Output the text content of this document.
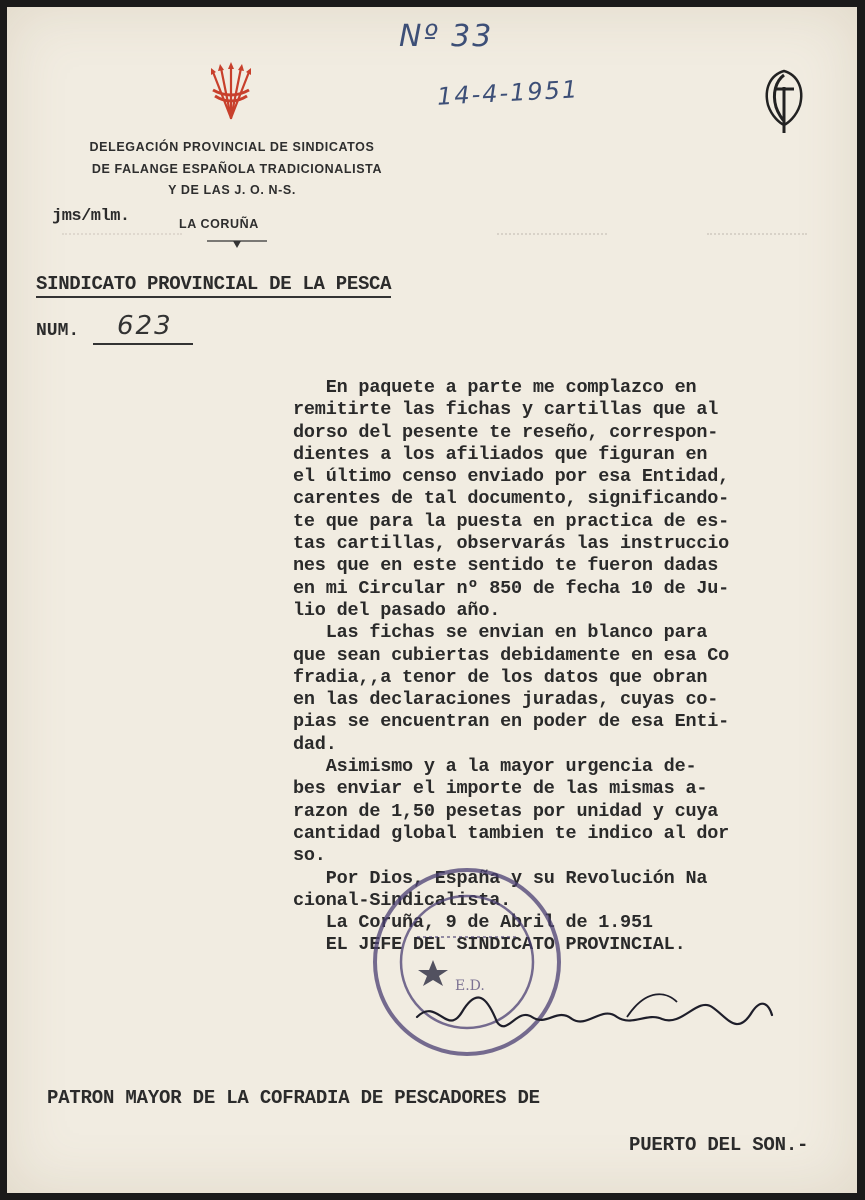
Nº 33
14-4-1951
DELEGACIÓN PROVINCIAL DE SINDICATOS
DE FALANGE ESPAÑOLA TRADICIONALISTA
Y DE LAS J. O. N-S.
LA CORUÑA
jms/mlm.
SINDICATO PROVINCIAL DE LA PESCA
NUM. 623
En paquete a parte me complazco en
remitirte las fichas y cartillas que al
dorso del pesente te reseño, correspon-
dientes a los afiliados que figuran en
el último censo enviado por esa Entidad,
carentes de tal documento, significando-
te que para la puesta en practica de es-
tas cartillas, observarás las instruccio
nes que en este sentido te fueron dadas
en mi Circular nº 850 de fecha 10 de Ju-
lio del pasado año.
Las fichas se envian en blanco para
que sean cubiertas debidamente en esa Co
fradia,,a tenor de los datos que obran
en las declaraciones juradas, cuyas co-
pias se encuentran en poder de esa Enti-
dad.
Asimismo y a la mayor urgencia de-
bes enviar el importe de las mismas a-
razon de 1,50 pesetas por unidad y cuya
cantidad global tambien te indico al dor
so.
Por Dios, España y su Revolución Na
cional-Sindicalista.
La Coruña, 9 de Abril de 1.951
EL JEFE DEL SINDICATO PROVINCIAL.
E.D.
PATRON MAYOR DE LA COFRADIA DE PESCADORES DE
PUERTO DEL SON.-
